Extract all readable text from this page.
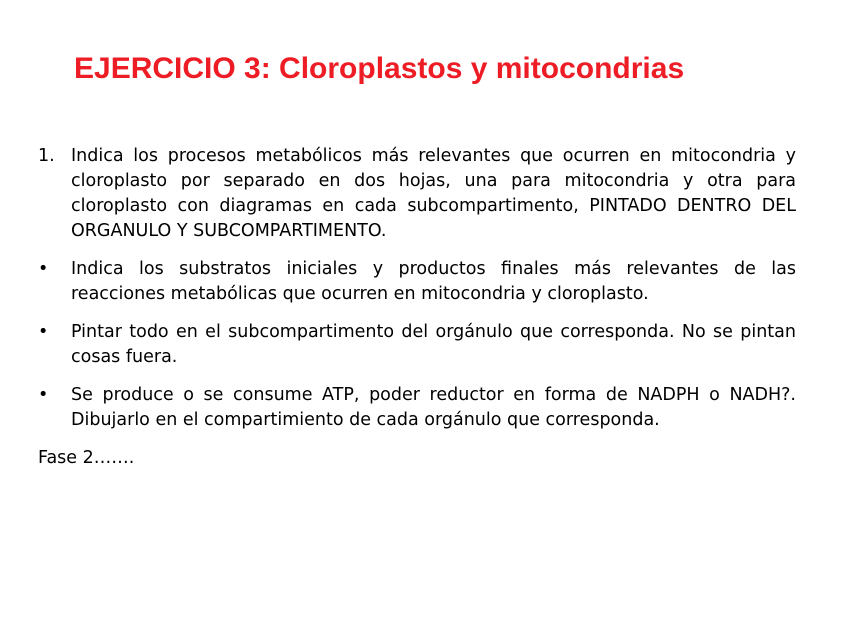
EJERCICIO 3: Cloroplastos y mitocondrias
1. Indica los procesos metabólicos más relevantes que ocurren en mitocondria y cloroplasto por separado en dos hojas, una para mitocondria y otra para cloroplasto con diagramas en cada subcompartimento, PINTADO DENTRO DEL ORGANULO Y SUBCOMPARTIMENTO.
•	Indica los substratos iniciales y productos finales más relevantes de las reacciones metabólicas que ocurren en mitocondria y cloroplasto.
•	Pintar todo en el subcompartimento del orgánulo que corresponda. No se pintan cosas fuera.
•	Se produce o se consume ATP, poder reductor en forma de NADPH o NADH?. Dibujarlo en el compartimiento de cada orgánulo que corresponda.
Fase 2…….
